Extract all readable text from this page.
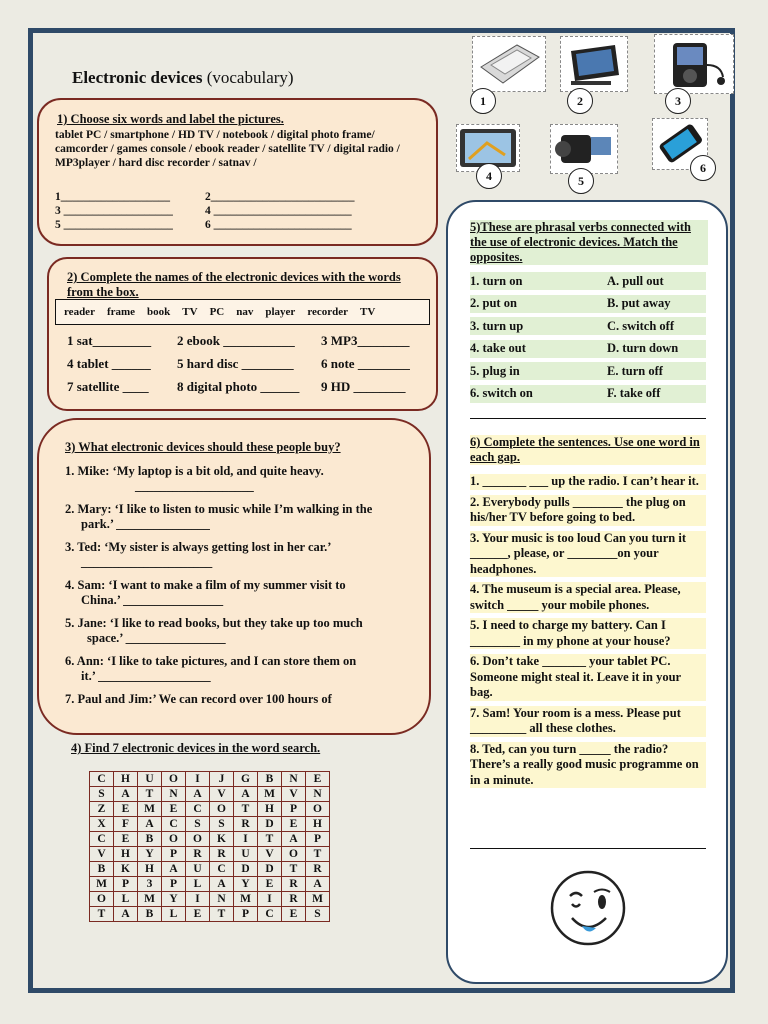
Electronic devices (vocabulary)
1	2	3
4	5
6
1) Choose six words and label the pictures.
tablet PC / smartphone / HD TV / notebook / digital photo frame/ camcorder / games console / ebook reader / satellite TV / digital radio / MP3player / hard disc recorder / satnav /
1___________________	2_________________________
3 ___________________	4 ________________________
5 ___________________	6 ________________________
2) Complete the names of the electronic devices with the words from the box.
reader frame book TV PC nav player recorder TV
1 sat_________	2 ebook ___________	3 MP3________
4 tablet ______	5 hard disc ________	6 note ________
7 satellite ____	8 digital photo ______	9 HD ________
3) What electronic devices should these people buy?
1. Mike: ‘My laptop is a bit old, and quite heavy.
___________________
2. Mary: ‘I like to listen to music while I’m walking in the
park.’ _______________
3. Ted: ‘My sister is always getting lost in her car.’
_____________________
4. Sam: ‘I want to make a film of my summer visit to
China.’ ________________
5. Jane: ‘I like to read books, but they take up too much
space.’ ________________
6. Ann: ‘I like to take pictures, and I can store them on
it.’ __________________
7. Paul and Jim:’ We can record over 100 hours of
4) Find 7 electronic devices in the word search.
C	H	U	O	I	J	G	B	N	E
S	A	T	N	A	V	A	M	V	N
Z	E	M	E	C	O	T	H	P	O
X	F	A	C	S	S	R	D	E	H
C	E	B	O	O	K	I	T	A	P
V	H	Y	P	R	R	U	V	O	T
B	K	H	A	U	C	D	D	T	R
M	P	3	P	L	A	Y	E	R	A
O	L	M	Y	I	N	M	I	R	M
T	A	B	L	E	T	P	C	E	S
5)These are phrasal verbs connected with the use of electronic devices. Match the opposites.
1. turn on	A. pull out
2. put on	B. put away
3. turn up	C. switch off
4. take out	D. turn down
5. plug in	E. turn off
6. switch on	F. take off
6) Complete the sentences. Use one word in each gap.
1. _______ ___ up the radio. I can’t hear it.
2. Everybody pulls ________ the plug on his/her TV before going to bed.
3. Your music is too loud Can you turn it ______, please, or ________on your headphones.
4. The museum is a special area. Please, switch _____ your mobile phones.
5. I need to charge my battery. Can I ________ in my phone at your house?
6. Don’t take _______ your tablet PC. Someone might steal it. Leave it in your bag.
7. Sam! Your room is a mess. Please put _________ all these clothes.
8. Ted, can you turn _____ the radio? There’s a really good music programme on in a minute.
